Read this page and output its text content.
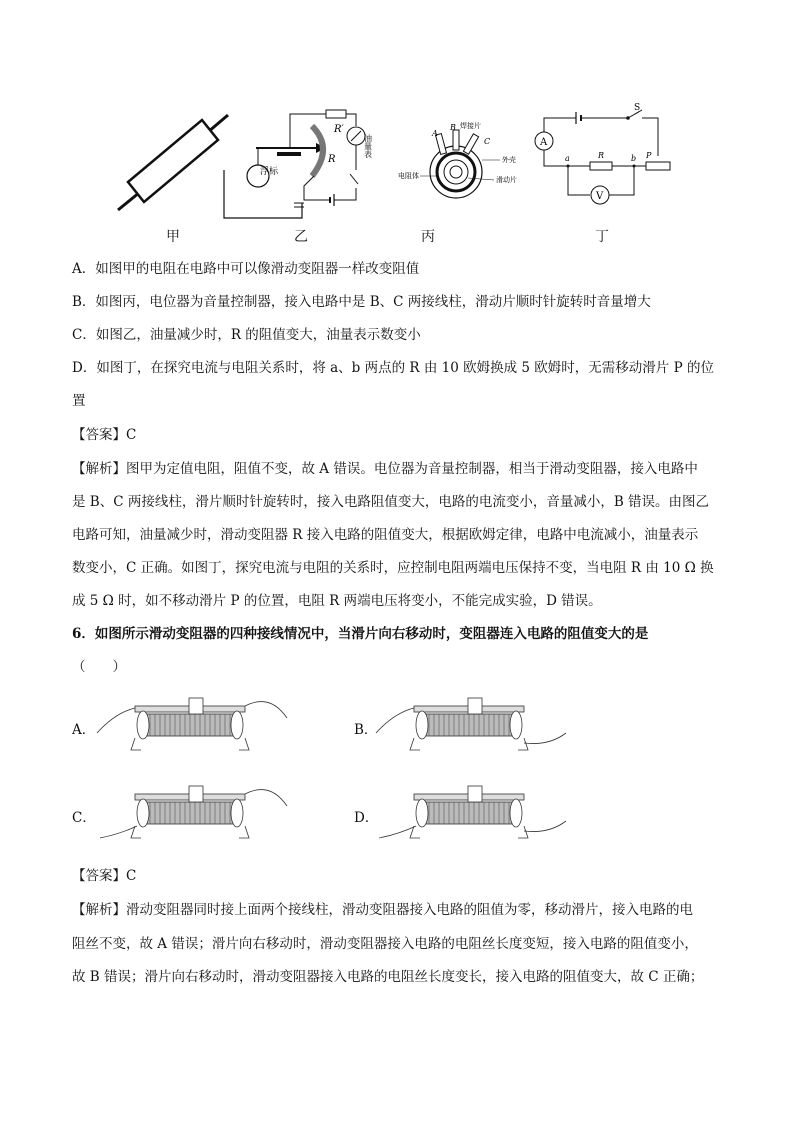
甲
浮标
R
R′
油量表
乙
A
B
C
焊接片
外壳
电阻体	滑动片
丙
S
A
a	R	b P
V
丁
A．如图甲的电阻在电路中可以像滑动变阻器一样改变阻值
B．如图丙，电位器为音量控制器，接入电路中是 B、C 两接线柱，滑动片顺时针旋转时音量增大
C．如图乙，油量减少时，R 的阻值变大，油量表示数变小
D．如图丁，在探究电流与电阻关系时，将 a、b 两点的 R 由 10 欧姆换成 5 欧姆时，无需移动滑片 P 的位
置
【答案】C
【解析】图甲为定值电阻，阻值不变，故 A 错误。电位器为音量控制器，相当于滑动变阻器，接入电路中
是 B、C 两接线柱，滑片顺时针旋转时，接入电路阻值变大，电路的电流变小，音量减小，B 错误。由图乙
电路可知，油量减少时，滑动变阻器 R 接入电路的阻值变大，根据欧姆定律，电路中电流减小，油量表示
数变小，C 正确。如图丁，探究电流与电阻的关系时，应控制电阻两端电压保持不变，当电阻 R 由 10 Ω 换
成 5 Ω 时，如不移动滑片 P 的位置，电阻 R 两端电压将变小，不能完成实验，D 错误。
6．如图所示滑动变阻器的四种接线情况中，当滑片向右移动时，变阻器连入电路的阻值变大的是
（　　）
A．	B．
C．	D．
【答案】C
【解析】滑动变阻器同时接上面两个接线柱，滑动变阻器接入电路的阻值为零，移动滑片，接入电路的电
阻丝不变，故 A 错误；滑片向右移动时，滑动变阻器接入电路的电阻丝长度变短，接入电路的阻值变小，
故 B 错误；滑片向右移动时，滑动变阻器接入电路的电阻丝长度变长，接入电路的阻值变大，故 C 正确；
